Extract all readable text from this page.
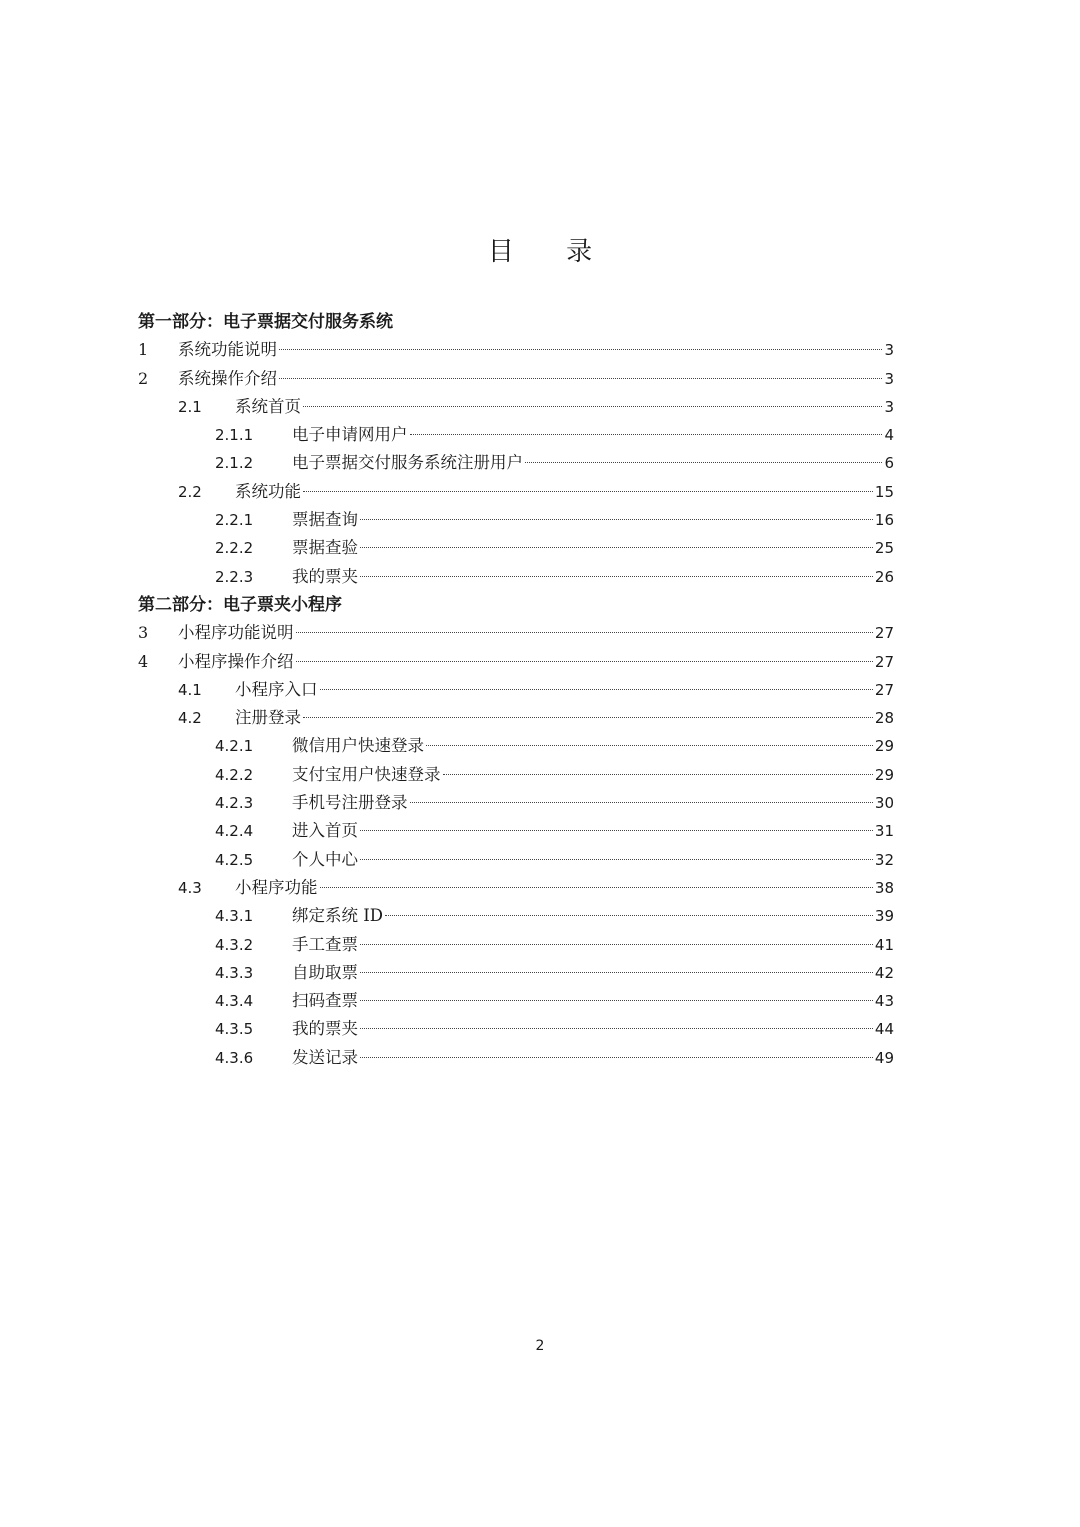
目 录
第一部分：电子票据交付服务系统
1	系统功能说明	3
2	系统操作介绍	3
2.1	系统首页	3
2.1.1	电子申请网用户	4
2.1.2	电子票据交付服务系统注册用户	6
2.2	系统功能	15
2.2.1	票据查询	16
2.2.2	票据查验	25
2.2.3	我的票夹	26
第二部分：电子票夹小程序
3	小程序功能说明	27
4	小程序操作介绍	27
4.1	小程序入口	27
4.2	注册登录	28
4.2.1	微信用户快速登录	29
4.2.2	支付宝用户快速登录	29
4.2.3	手机号注册登录	30
4.2.4	进入首页	31
4.2.5	个人中心	32
4.3	小程序功能	38
4.3.1	绑定系统 ID	39
4.3.2	手工查票	41
4.3.3	自助取票	42
4.3.4	扫码查票	43
4.3.5	我的票夹	44
4.3.6	发送记录	49
2
